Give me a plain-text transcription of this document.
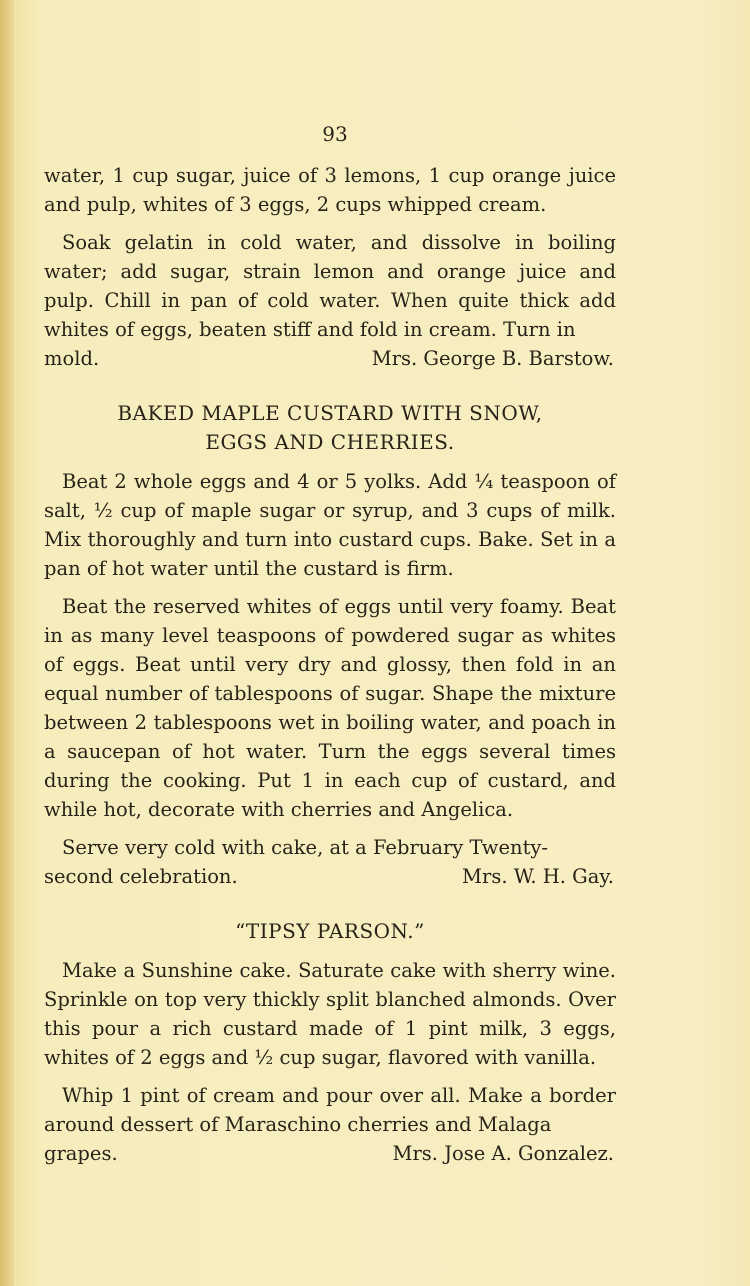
93

water, 1 cup sugar, juice of 3 lemons, 1 cup orange juice and pulp, whites of 3 eggs, 2 cups whipped cream.

Soak gelatin in cold water, and dissolve in boiling water; add sugar, strain lemon and orange juice and pulp. Chill in pan of cold water. When quite thick add whites of eggs, beaten stiff and fold in cream. Turn in

mold.	Mrs. George B. Barstow.
BAKED MAPLE CUSTARD WITH SNOW,
EGGS AND CHERRIES.

Beat 2 whole eggs and 4 or 5 yolks. Add ¼ teaspoon of salt, ½ cup of maple sugar or syrup, and 3 cups of milk. Mix thoroughly and turn into custard cups. Bake. Set in a pan of hot water until the custard is firm.

Beat the reserved whites of eggs until very foamy. Beat in as many level teaspoons of powdered sugar as whites of eggs. Beat until very dry and glossy, then fold in an equal number of tablespoons of sugar. Shape the mixture between 2 tablespoons wet in boiling water, and poach in a saucepan of hot water. Turn the eggs several times during the cooking. Put 1 in each cup of custard, and while hot, decorate with cherries and Angelica.

Serve very cold with cake, at a February Twenty-

second celebration.	Mrs. W. H. Gay.
“TIPSY PARSON.”

Make a Sunshine cake. Saturate cake with sherry wine. Sprinkle on top very thickly split blanched almonds. Over this pour a rich custard made of 1 pint milk, 3 eggs, whites of 2 eggs and ½ cup sugar, flavored with vanilla.

Whip 1 pint of cream and pour over all. Make a border around dessert of Maraschino cherries and Malaga

grapes.	Mrs. Jose A. Gonzalez.
